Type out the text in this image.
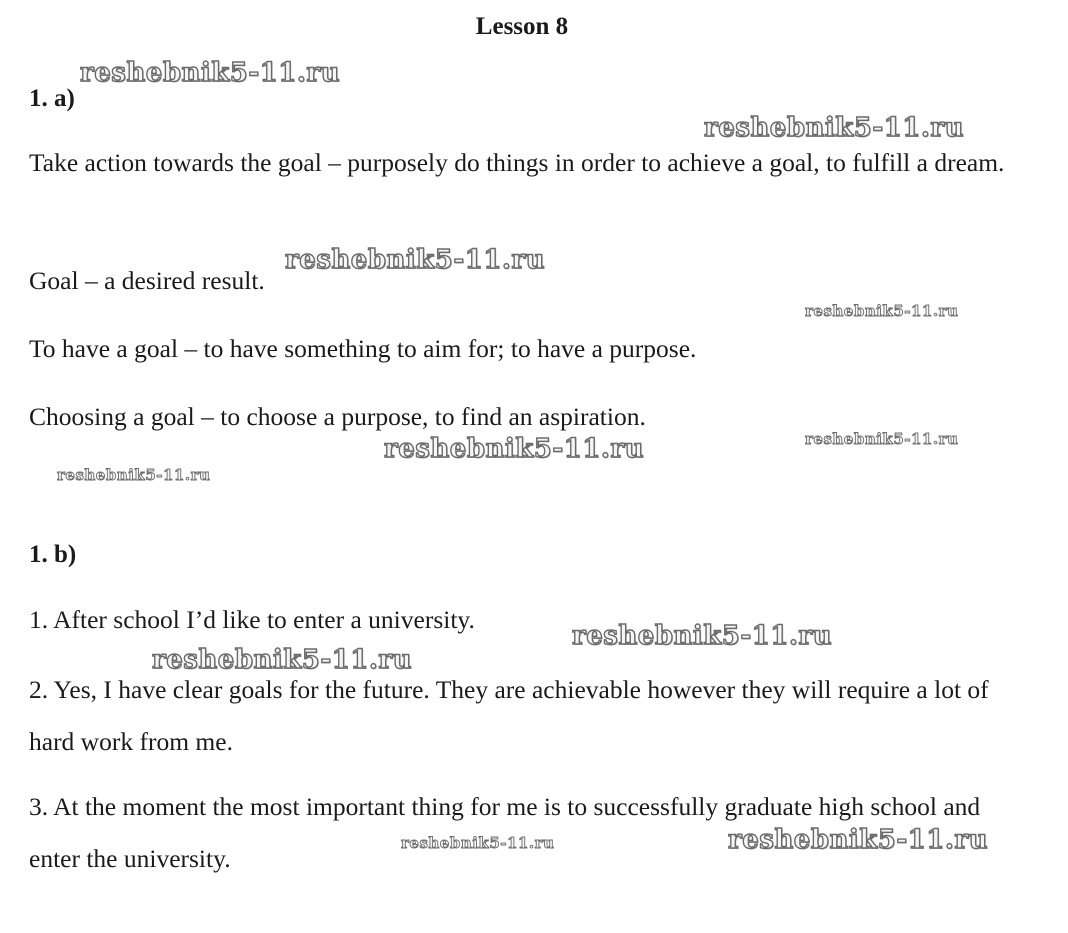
Lesson 8
1. a)

Take action towards the goal – purposely do things in order to achieve a goal, to fulfill a dream.

Goal – a desired result.

To have a goal – to have something to aim for; to have a purpose.

Choosing a goal – to choose a purpose, to find an aspiration.

1. b)

1. After school I’d like to enter a university.

2. Yes, I have clear goals for the future. They are achievable however they will require a lot of hard work from me.

3. At the moment the most important thing for me is to successfully graduate high school and enter the university.

reshebnik5-11.ru
reshebnik5-11.ru
reshebnik5-11.ru
reshebnik5-11.ru
reshebnik5-11.ru	reshebnik5-11.ru
reshebnik5-11.ru
reshebnik5-11.ru
reshebnik5-11.ru
reshebnik5-11.ru	reshebnik5-11.ru
